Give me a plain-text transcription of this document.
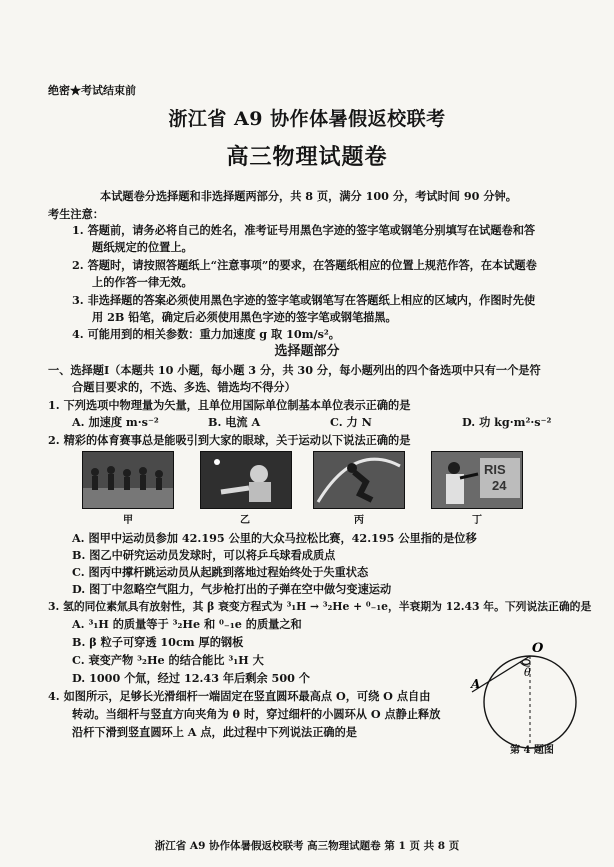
绝密★考试结束前
浙江省 A9 协作体暑假返校联考
高三物理试题卷
本试题卷分选择题和非选择题两部分，共 8 页，满分 100 分，考试时间 90 分钟。
考生注意：
1. 答题前，请务必将自己的姓名，准考证号用黑色字迹的签字笔或钢笔分别填写在试题卷和答
题纸规定的位置上。
2. 答题时，请按照答题纸上“注意事项”的要求，在答题纸相应的位置上规范作答，在本试题卷
上的作答一律无效。
3. 非选择题的答案必须使用黑色字迹的签字笔或钢笔写在答题纸上相应的区域内，作图时先使
用 2B 铅笔，确定后必须使用黑色字迹的签字笔或钢笔描黑。
4. 可能用到的相关参数：重力加速度 g 取 10m/s²。
选择题部分
一、选择题Ⅰ（本题共 10 小题，每小题 3 分，共 30 分，每小题列出的四个备选项中只有一个是符
合题目要求的，不选、多选、错选均不得分）
1. 下列选项中物理量为矢量，且单位用国际单位制基本单位表示正确的是
A. 加速度 m·s⁻²	B. 电流 A	C. 力 N	D. 功 kg·m²·s⁻²
2. 精彩的体育赛事总是能吸引到大家的眼球，关于运动以下说法正确的是
RIS
24
甲	乙	丙	丁
A. 图甲中运动员参加 42.195 公里的大众马拉松比赛，42.195 公里指的是位移
B. 图乙中研究运动员发球时，可以将乒乓球看成质点
C. 图丙中撑杆跳运动员从起跳到落地过程始终处于失重状态
D. 图丁中忽略空气阻力，气步枪打出的子弹在空中做匀变速运动
3. 氢的同位素氚具有放射性，其 β 衰变方程式为 ³₁H → ³₂He + ⁰₋₁e，半衰期为 12.43 年。下列说法正确的是
A. ³₁H 的质量等于 ³₂He 和 ⁰₋₁e 的质量之和
B. β 粒子可穿透 10cm 厚的钢板
C. 衰变产物 ³₂He 的结合能比 ³₁H 大
D. 1000 个氚，经过 12.43 年后剩余 500 个
4. 如图所示，足够长光滑细杆一端固定在竖直圆环最高点 O，可绕 O 点自由
转动。当细杆与竖直方向夹角为 θ 时，穿过细杆的小圆环从 O 点静止释放
沿杆下滑到竖直圆环上 A 点，此过程中下列说法正确的是
O
θ
A
第 4 题图
浙江省 A9 协作体暑假返校联考 高三物理试题卷 第 1 页 共 8 页
